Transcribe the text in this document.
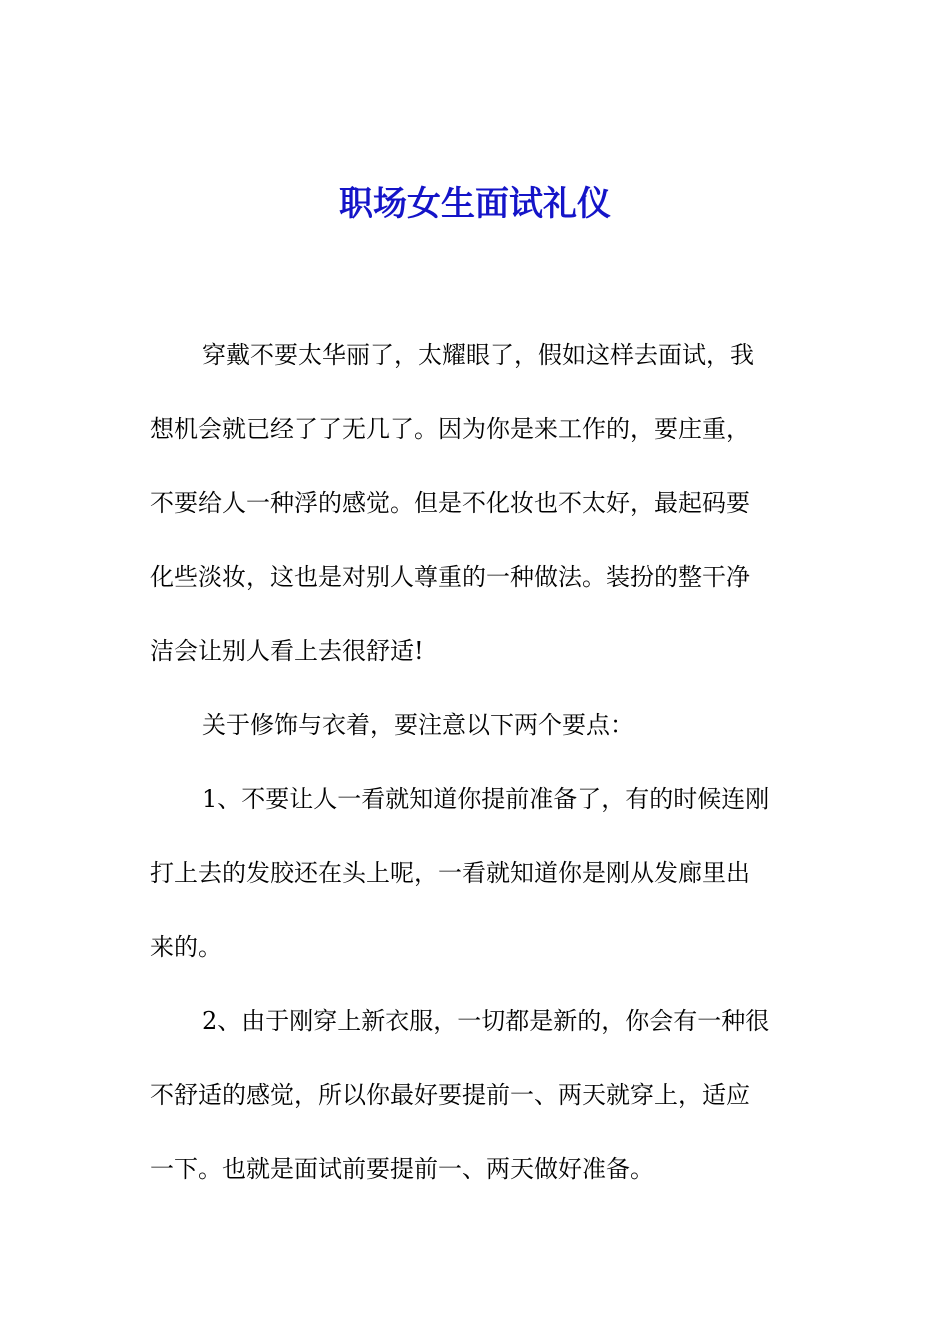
职场女生面试礼仪

穿戴不要太华丽了，太耀眼了，假如这样去面试，我
想机会就已经了了无几了。因为你是来工作的，要庄重，
不要给人一种浮的感觉。但是不化妆也不太好，最起码要
化些淡妆，这也是对别人尊重的一种做法。装扮的整干净
洁会让别人看上去很舒适!

关于修饰与衣着，要注意以下两个要点：

1、不要让人一看就知道你提前准备了，有的时候连刚
打上去的发胶还在头上呢，一看就知道你是刚从发廊里出
来的。

2、由于刚穿上新衣服，一切都是新的，你会有一种很
不舒适的感觉，所以你最好要提前一、两天就穿上，适应
一下。也就是面试前要提前一、两天做好准备。
